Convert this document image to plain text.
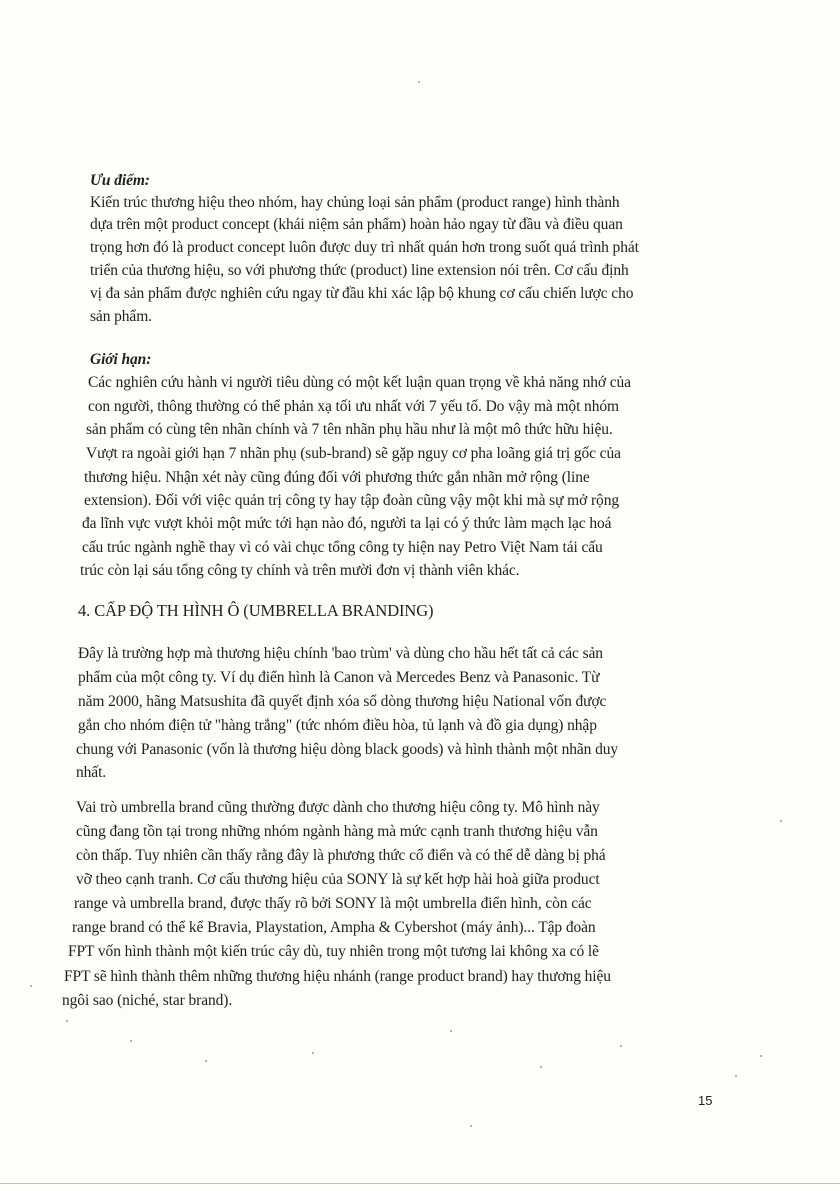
'
Ưu điểm:
Kiến trúc thương hiệu theo nhóm, hay chủng loại sản phẩm (product range) hình thành
dựa trên một product concept (khái niệm sản phẩm) hoàn hảo ngay từ đầu và điều quan
trọng hơn đó là product concept luôn được duy trì nhất quán hơn trong suốt quá trình phát
triển của thương hiệu, so với phương thức (product) line extension nói trên. Cơ cấu định
vị đa sản phẩm được nghiên cứu ngay từ đầu khi xác lập bộ khung cơ cấu chiến lược cho
sản phẩm.
Giới hạn:
Các nghiên cứu hành vi người tiêu dùng có một kết luận quan trọng về khả năng nhớ của
con người, thông thường có thể phản xạ tối ưu nhất với 7 yếu tố. Do vậy mà một nhóm
sản phẩm có cùng tên nhãn chính và 7 tên nhãn phụ hầu như là một mô thức hữu hiệu.
Vượt ra ngoài giới hạn 7 nhãn phụ (sub-brand) sẽ gặp nguy cơ pha loãng giá trị gốc của
thương hiệu. Nhận xét này cũng đúng đối với phương thức gắn nhãn mở rộng (line
extension). Đối với việc quản trị công ty hay tập đoàn cũng vậy một khi mà sự mở rộng
đa lĩnh vực vượt khỏi một mức tới hạn nào đó, người ta lại có ý thức làm mạch lạc hoá
cấu trúc ngành nghề thay vì có vài chục tổng công ty hiện nay Petro Việt Nam tái cấu
trúc còn lại sáu tổng công ty chính và trên mười đơn vị thành viên khác.
4. CẤP ĐỘ TH HÌNH Ô (UMBRELLA BRANDING)
Đây là trường hợp mà thương hiệu chính 'bao trùm' và dùng cho hầu hết tất cả các sản
phẩm của một công ty. Ví dụ điển hình là Canon và Mercedes Benz và Panasonic. Từ
năm 2000, hãng Matsushita đã quyết định xóa sổ dòng thương hiệu National vốn được
gắn cho nhóm điện tử "hàng trắng" (tức nhóm điều hòa, tủ lạnh và đồ gia dụng) nhập
chung với Panasonic (vốn là thương hiệu dòng black goods) và hình thành một nhãn duy
nhất.
Vai trò umbrella brand cũng thường được dành cho thương hiệu công ty. Mô hình này
cũng đang tồn tại trong những nhóm ngành hàng mà mức cạnh tranh thương hiệu vẫn
còn thấp. Tuy nhiên cần thấy rằng đây là phương thức cổ điển và có thể dễ dàng bị phá
vỡ theo cạnh tranh. Cơ cấu thương hiệu của SONY là sự kết hợp hài hoà giữa product
range và umbrella brand, được thấy rõ bởi SONY là một umbrella điển hình, còn các
range brand có thể kể Bravia, Playstation, Ampha & Cybershot (máy ảnh)... Tập đoàn
FPT vốn hình thành một kiến trúc cây dù, tuy nhiên trong một tương lai không xa có lẽ
FPT sẽ hình thành thêm những thương hiệu nhánh (range product brand) hay thương hiệu
ngôi sao (niché, star brand).
15
